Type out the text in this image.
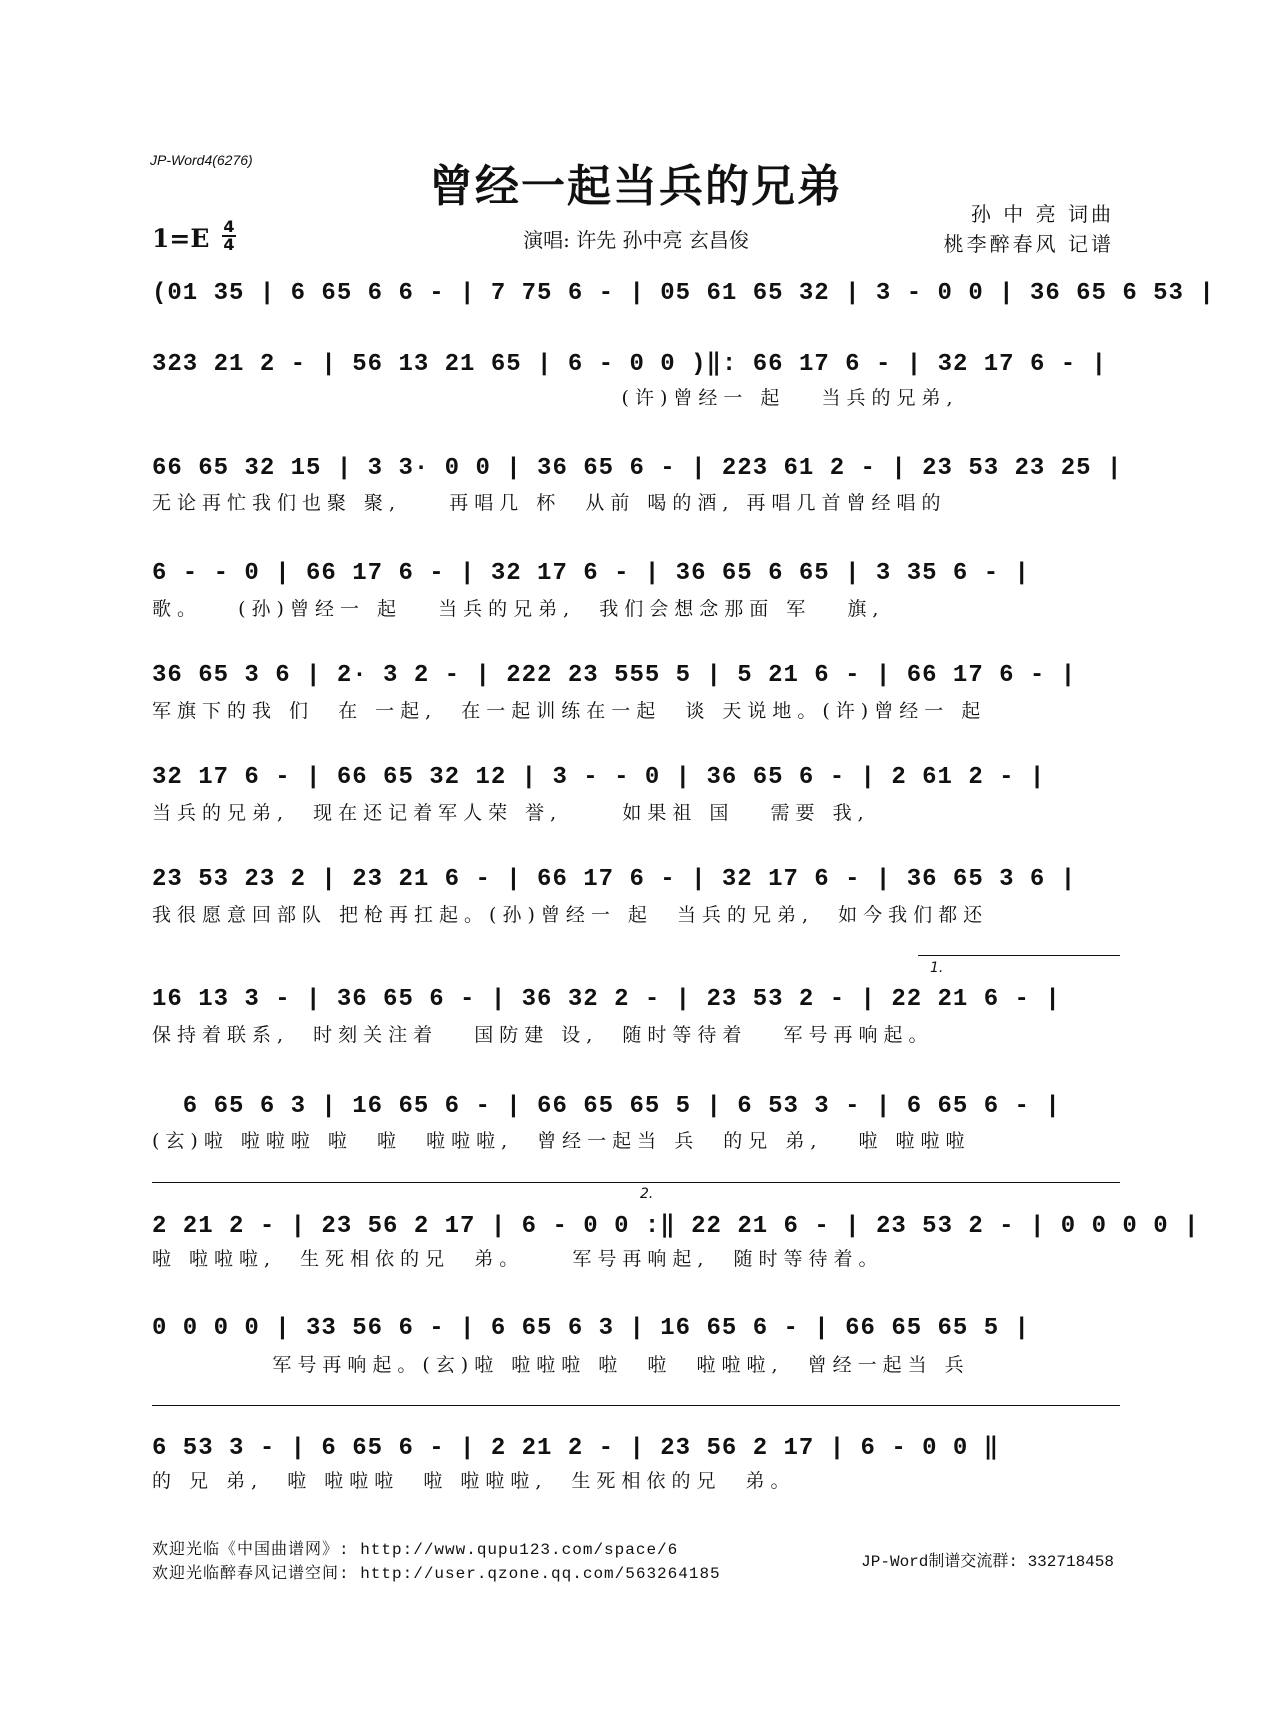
JP-Word4(6276)
曾经一起当兵的兄弟
孙 中 亮 词曲
桃李醉春风 记谱
演唱: 许先 孙中亮 玄昌俊
1=E 4
4
(01 35 | 6 65 6 6 - | 7 75 6 - | 05 61 65 32 | 3 - 0 0 | 36 65 6 53 |
323 21 2 - | 56 13 21 65 | 6 - 0 0 )‖: 66 17 6 - | 32 17 6 - |
(许)曾经一 起   当兵的兄弟,
66 65 32 15 | 3 3· 0 0 | 36 65 6 - | 223 61 2 - | 23 53 23 25 |
无论再忙我们也聚 聚,    再唱几 杯  从前 喝的酒, 再唱几首曾经唱的
6 - - 0 | 66 17 6 - | 32 17 6 - | 36 65 6 65 | 3 35 6 - |
歌。   (孙)曾经一 起   当兵的兄弟,  我们会想念那面 军   旗,
36 65 3 6 | 2· 3 2 - | 222 23 555 5 | 5 21 6 - | 66 17 6 - |
军旗下的我 们  在 一起,  在一起训练在一起  谈 天说地。(许)曾经一 起
32 17 6 - | 66 65 32 12 | 3 - - 0 | 36 65 6 - | 2 61 2 - |
当兵的兄弟,  现在还记着军人荣 誉,     如果祖 国   需要 我,
23 53 23 2 | 23 21 6 - | 66 17 6 - | 32 17 6 - | 36 65 3 6 |
我很愿意回部队 把枪再扛起。(孙)曾经一 起  当兵的兄弟,  如今我们都还
1.
16 13 3 - | 36 65 6 - | 36 32 2 - | 23 53 2 - | 22 21 6 - |
保持着联系,  时刻关注着   国防建 设,  随时等待着   军号再响起。
6 65 6 3 | 16 65 6 - | 66 65 65 5 | 6 53 3 - | 6 65 6 - |
(玄)啦 啦啦啦 啦  啦  啦啦啦,  曾经一起当 兵  的兄 弟,   啦 啦啦啦
2.
2 21 2 - | 23 56 2 17 | 6 - 0 0 :‖ 22 21 6 - | 23 53 2 - | 0 0 0 0 |
啦 啦啦啦,  生死相依的兄  弟。    军号再响起,  随时等待着。
0 0 0 0 | 33 56 6 - | 6 65 6 3 | 16 65 6 - | 66 65 65 5 |
军号再响起。(玄)啦 啦啦啦 啦  啦  啦啦啦,  曾经一起当 兵
6 53 3 - | 6 65 6 - | 2 21 2 - | 23 56 2 17 | 6 - 0 0 ‖
的 兄 弟,  啦 啦啦啦  啦 啦啦啦,  生死相依的兄  弟。
欢迎光临《中国曲谱网》: http://www.qupu123.com/space/6
欢迎光临醉春风记谱空间: http://user.qzone.qq.com/563264185
JP-Word制谱交流群: 332718458
